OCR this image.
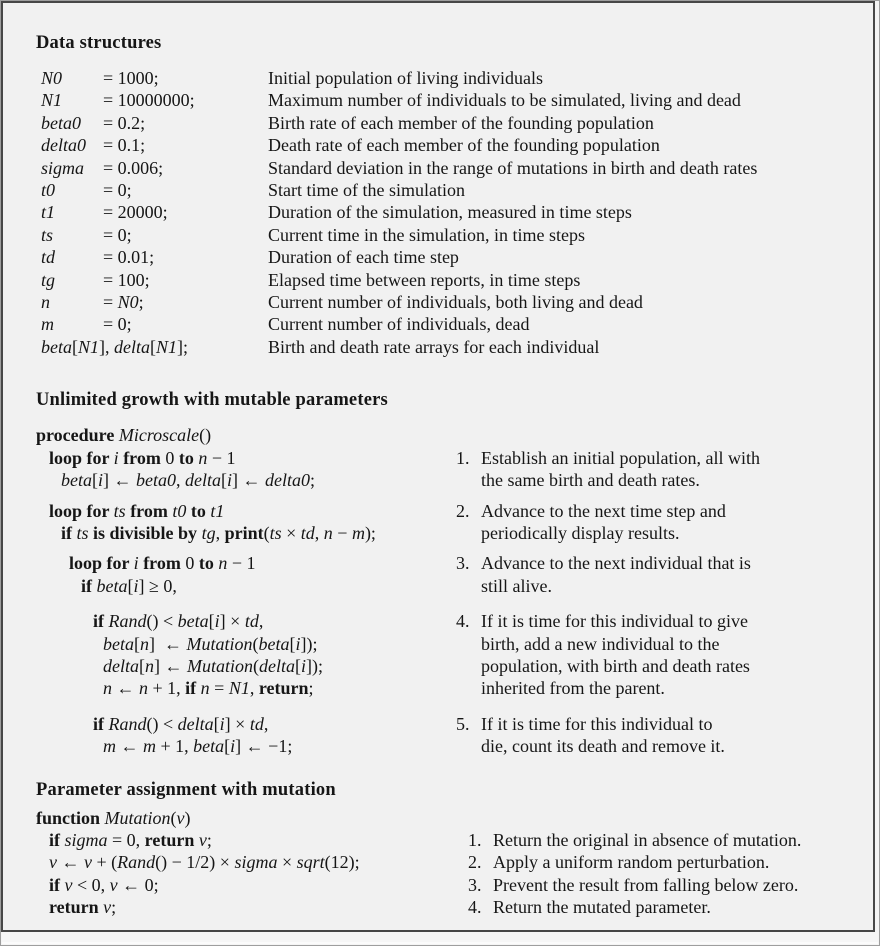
Data structures
N0	= 1000;	Initial population of living individuals
N1	= 10000000;	Maximum number of individuals to be simulated, living and dead
beta0	= 0.2;	Birth rate of each member of the founding population
delta0 = 0.1;	Death rate of each member of the founding population
sigma	= 0.006;	Standard deviation in the range of mutations in birth and death rates
t0	= 0;	Start time of the simulation
t1	= 20000;	Duration of the simulation, measured in time steps
ts	= 0;	Current time in the simulation, in time steps
td	= 0.01;	Duration of each time step
tg	= 100;	Elapsed time between reports, in time steps
n	= N0;	Current number of individuals, both living and dead
m	= 0;	Current number of individuals, dead
beta[N1], delta[N1];	Birth and death rate arrays for each individual
Unlimited growth with mutable parameters
procedure Microscale()
loop for i from 0 to n − 1
beta[i] ← beta0, delta[i] ← delta0;
1. Establish an initial population, all with
the same birth and death rates.
loop for ts from t0 to t1
if ts is divisible by tg, print(ts × td, n − m);
2. Advance to the next time step and
periodically display results.
loop for i from 0 to n − 1
if beta[i] ≥ 0,
3. Advance to the next individual that is
still alive.
if Rand() < beta[i] × td,
beta[n]  ← Mutation(beta[i]);
delta[n] ← Mutation(delta[i]);
n ← n + 1, if n = N1, return;
4. If it is time for this individual to give
birth, add a new individual to the
population, with birth and death rates
inherited from the parent.
if Rand() < delta[i] × td,
m ← m + 1, beta[i] ← −1;
5. If it is time for this individual to
die, count its death and remove it.
Parameter assignment with mutation
function Mutation(v)
if sigma = 0, return v;	1. Return the original in absence of mutation.
v ← v + (Rand() − 1/2) × sigma × sqrt(12);	2. Apply a uniform random perturbation.
if v < 0, v ← 0;	3. Prevent the result from falling below zero.
return v;	4. Return the mutated parameter.
